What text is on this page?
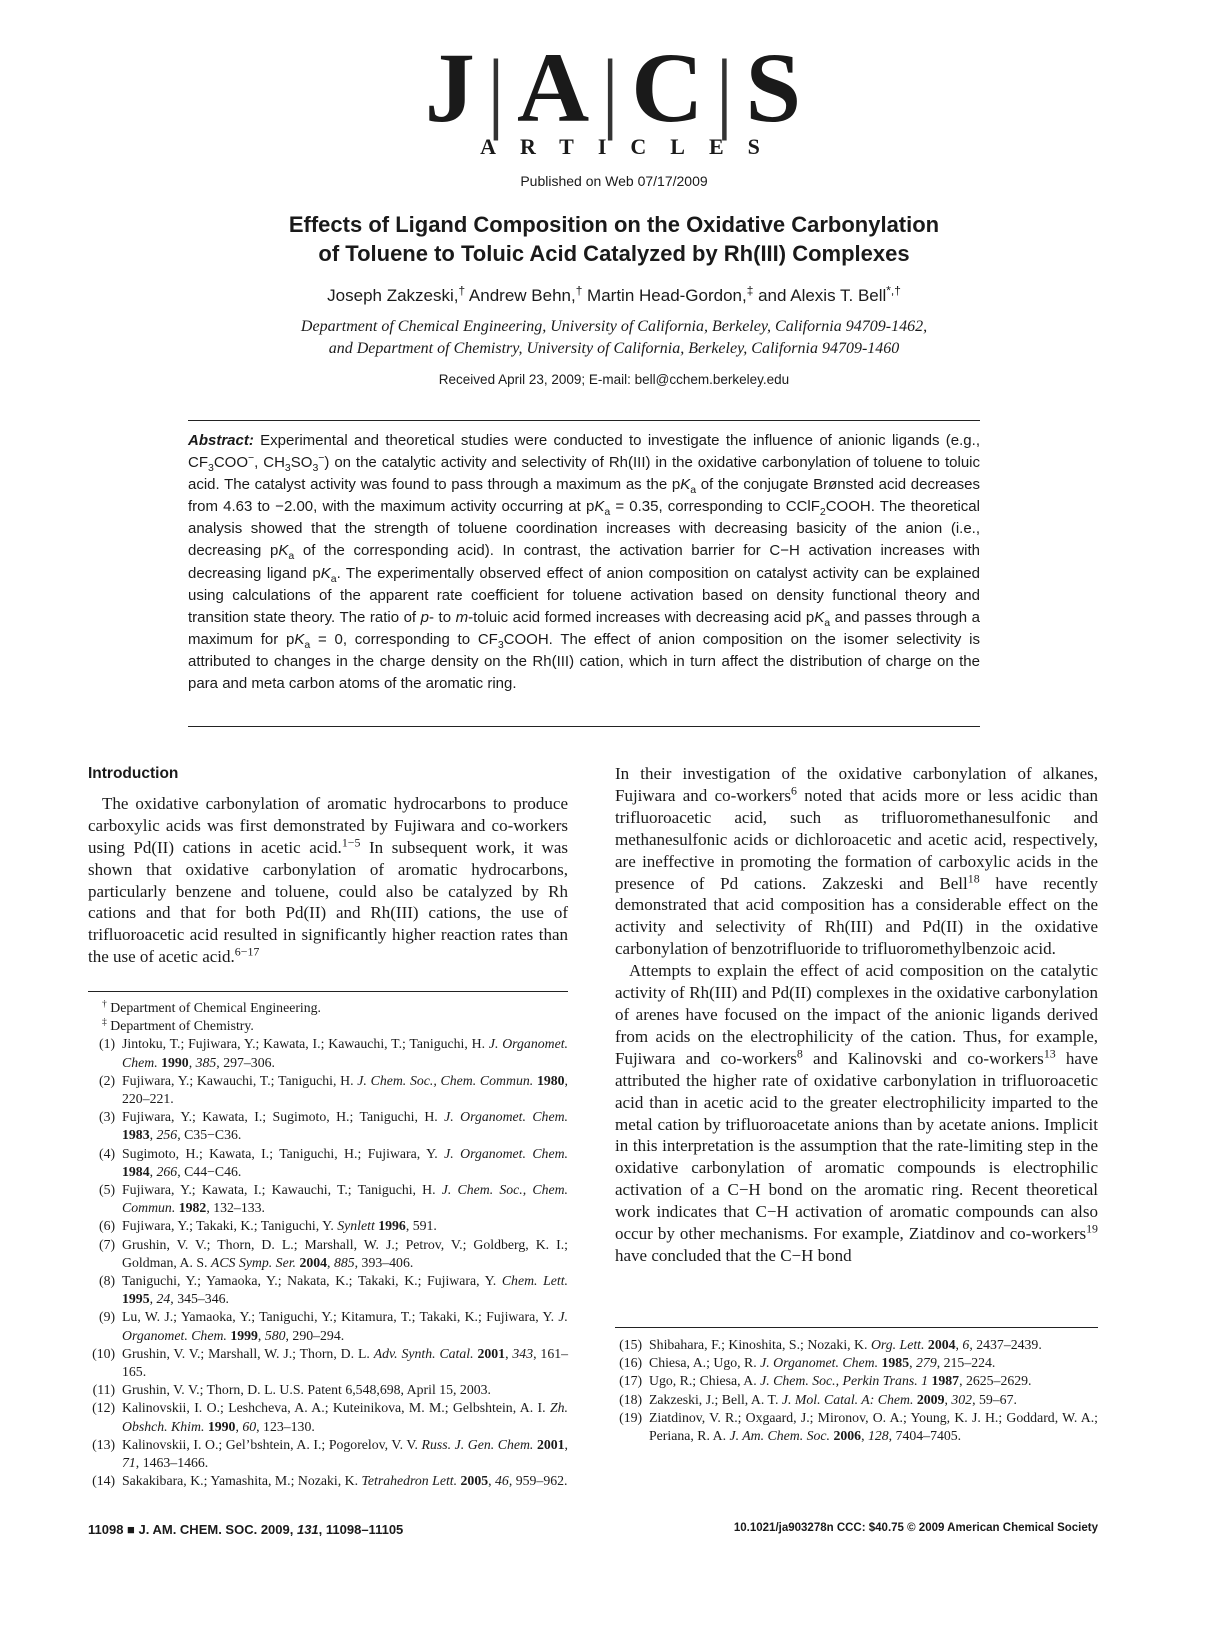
J | A | C | S
ARTICLES
Published on Web 07/17/2009
Effects of Ligand Composition on the Oxidative Carbonylation
of Toluene to Toluic Acid Catalyzed by Rh(III) Complexes
Joseph Zakzeski,† Andrew Behn,† Martin Head-Gordon,‡ and Alexis T. Bell*,†
Department of Chemical Engineering, University of California, Berkeley, California 94709-1462,
and Department of Chemistry, University of California, Berkeley, California 94709-1460
Received April 23, 2009; E-mail: bell@cchem.berkeley.edu
Abstract: Experimental and theoretical studies were conducted to investigate the influence of anionic ligands (e.g., $CF_3COO^-$, $CH_3SO_3^-$) on the catalytic activity and selectivity of Rh(III) in the oxidative carbonylation of toluene to toluic acid. The catalyst activity was found to pass through a maximum as the $pK_a$ of the conjugate Brønsted acid decreases from 4.63 to −2.00, with the maximum activity occurring at $pK_a = 0.35$, corresponding to CClF$_2$COOH. The theoretical analysis showed that the strength of toluene coordination increases with decreasing basicity of the anion (i.e., decreasing $pK_a$ of the corresponding acid). In contrast, the activation barrier for C−H activation increases with decreasing ligand $pK_a$. The experimentally observed effect of anion composition on catalyst activity can be explained using calculations of the apparent rate coefficient for toluene activation based on density functional theory and transition state theory. The ratio of p- to m-toluic acid formed increases with decreasing acid $pK_a$ and passes through a maximum for $pK_a = 0$, corresponding to $CF_3COOH$. The effect of anion composition on the isomer selectivity is attributed to changes in the charge density on the Rh(III) cation, which in turn affect the distribution of charge on the para and meta carbon atoms of the aromatic ring.
Introduction

The oxidative carbonylation of aromatic hydrocarbons to produce carboxylic acids was first demonstrated by Fujiwara and co-workers using Pd(II) cations in acetic acid.$^{1-5}$ In subsequent work, it was shown that oxidative carbonylation of aromatic hydrocarbons, particularly benzene and toluene, could also be catalyzed by Rh cations and that for both Pd(II) and Rh(III) cations, the use of trifluoroacetic acid resulted in significantly higher reaction rates than the use of acetic acid.$^{6-17}$

† Department of Chemical Engineering.
‡ Department of Chemistry.
(1)  Jintoku, T.; Fujiwara, Y.; Kawata, I.; Kawauchi, T.; Taniguchi, H. J. Organomet. Chem. 1990, 385, 297–306.
(2)  Fujiwara, Y.; Kawauchi, T.; Taniguchi, H. J. Chem. Soc., Chem. Commun. 1980, 220–221.
(3)  Fujiwara, Y.; Kawata, I.; Sugimoto, H.; Taniguchi, H. J. Organomet. Chem. 1983, 256, C35−C36.
(4)  Sugimoto, H.; Kawata, I.; Taniguchi, H.; Fujiwara, Y. J. Organomet. Chem. 1984, 266, C44−C46.
(5)  Fujiwara, Y.; Kawata, I.; Kawauchi, T.; Taniguchi, H. J. Chem. Soc., Chem. Commun. 1982, 132–133.
(6)  Fujiwara, Y.; Takaki, K.; Taniguchi, Y. Synlett 1996, 591.
(7)  Grushin, V. V.; Thorn, D. L.; Marshall, W. J.; Petrov, V.; Goldberg, K. I.; Goldman, A. S. ACS Symp. Ser. 2004, 885, 393–406.
(8)  Taniguchi, Y.; Yamaoka, Y.; Nakata, K.; Takaki, K.; Fujiwara, Y. Chem. Lett. 1995, 24, 345–346.
(9)  Lu, W. J.; Yamaoka, Y.; Taniguchi, Y.; Kitamura, T.; Takaki, K.; Fujiwara, Y. J. Organomet. Chem. 1999, 580, 290–294.
(10)  Grushin, V. V.; Marshall, W. J.; Thorn, D. L. Adv. Synth. Catal. 2001, 343, 161–165.
(11)  Grushin, V. V.; Thorn, D. L. U.S. Patent 6,548,698, April 15, 2003.
(12)  Kalinovskii, I. O.; Leshcheva, A. A.; Kuteinikova, M. M.; Gelbshtein, A. I. Zh. Obshch. Khim. 1990, 60, 123–130.
(13)  Kalinovskii, I. O.; Gel’bshtein, A. I.; Pogorelov, V. V. Russ. J. Gen. Chem. 2001, 71, 1463–1466.
(14)  Sakakibara, K.; Yamashita, M.; Nozaki, K. Tetrahedron Lett. 2005, 46, 959–962.

In their investigation of the oxidative carbonylation of alkanes, Fujiwara and co-workers$^6$ noted that acids more or less acidic than trifluoroacetic acid, such as trifluoromethanesulfonic and methanesulfonic acids or dichloroacetic and acetic acid, respectively, are ineffective in promoting the formation of carboxylic acids in the presence of Pd cations. Zakzeski and Bell$^{18}$ have recently demonstrated that acid composition has a considerable effect on the activity and selectivity of Rh(III) and Pd(II) in the oxidative carbonylation of benzotrifluoride to trifluoromethylbenzoic acid.

Attempts to explain the effect of acid composition on the catalytic activity of Rh(III) and Pd(II) complexes in the oxidative carbonylation of arenes have focused on the impact of the anionic ligands derived from acids on the electrophilicity of the cation. Thus, for example, Fujiwara and co-workers$^8$ and Kalinovski and co-workers$^{13}$ have attributed the higher rate of oxidative carbonylation in trifluoroacetic acid than in acetic acid to the greater electrophilicity imparted to the metal cation by trifluoroacetate anions than by acetate anions. Implicit in this interpretation is the assumption that the rate-limiting step in the oxidative carbonylation of aromatic compounds is electrophilic activation of a C−H bond on the aromatic ring. Recent theoretical work indicates that C−H activation of aromatic compounds can also occur by other mechanisms. For example, Ziatdinov and co-workers$^{19}$ have concluded that the C−H bond

(15)  Shibahara, F.; Kinoshita, S.; Nozaki, K. Org. Lett. 2004, 6, 2437–2439.
(16)  Chiesa, A.; Ugo, R. J. Organomet. Chem. 1985, 279, 215–224.
(17)  Ugo, R.; Chiesa, A. J. Chem. Soc., Perkin Trans. 1 1987, 2625–2629.
(18)  Zakzeski, J.; Bell, A. T. J. Mol. Catal. A: Chem. 2009, 302, 59–67.
(19)  Ziatdinov, V. R.; Oxgaard, J.; Mironov, O. A.; Young, K. J. H.; Goddard, W. A.; Periana, R. A. J. Am. Chem. Soc. 2006, 128, 7404–7405.
11098 ■ J. AM. CHEM. SOC. 2009, 131, 11098–11105	10.1021/ja903278n CCC: $40.75 © 2009 American Chemical Society
